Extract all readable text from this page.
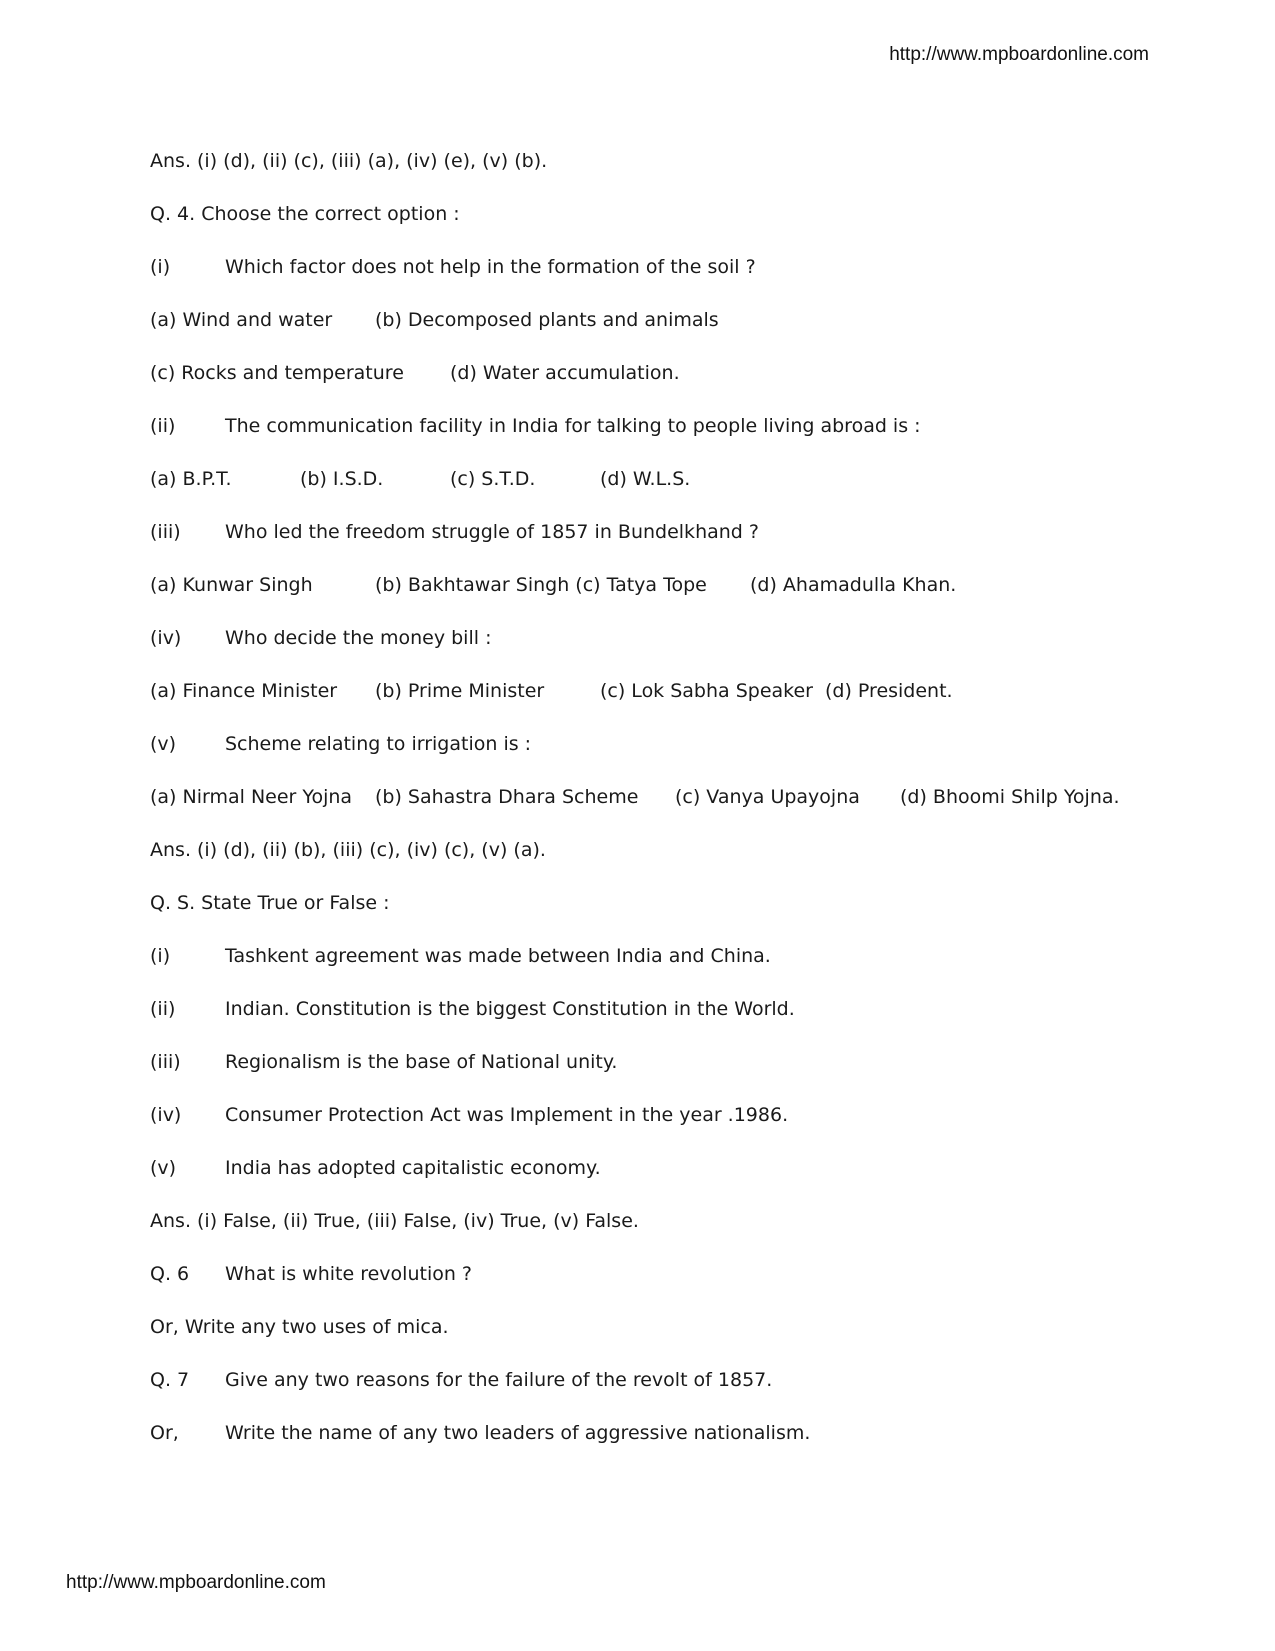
http://www.mpboardonline.com
Ans. (i) (d), (ii) (c), (iii) (a), (iv) (e), (v) (b).
Q. 4. Choose the correct option :
(i)	Which factor does not help in the formation of the soil ?
(a) Wind and water	(b) Decomposed plants and animals
(c) Rocks and temperature	(d) Water accumulation.
(ii)	The communication facility in India for talking to people living abroad is :
(a) B.P.T.	(b) I.S.D.	(c) S.T.D.	(d) W.L.S.
(iii)	Who led the freedom struggle of 1857 in Bundelkhand ?
(a) Kunwar Singh	(b) Bakhtawar Singh (c) Tatya Tope	(d) Ahamadulla Khan.
(iv)	Who decide the money bill :
(a) Finance Minister	(b) Prime Minister	(c) Lok Sabha Speaker (d) President.
(v)	Scheme relating to irrigation is :
(a) Nirmal Neer Yojna	(b) Sahastra Dhara Scheme	(c) Vanya Upayojna	(d) Bhoomi Shilp Yojna.
Ans. (i) (d), (ii) (b), (iii) (c), (iv) (c), (v) (a).
Q. S. State True or False :
(i)	Tashkent agreement was made between India and China.
(ii)	Indian. Constitution is the biggest Constitution in the World.
(iii)	Regionalism is the base of National unity.
(iv)	Consumer Protection Act was Implement in the year .1986.
(v)	India has adopted capitalistic economy.
Ans. (i) False, (ii) True, (iii) False, (iv) True, (v) False.
Q. 6	What is white revolution ?
Or, Write any two uses of mica.
Q. 7	Give any two reasons for the failure of the revolt of 1857.
Or,	Write the name of any two leaders of aggressive nationalism.
http://www.mpboardonline.com
